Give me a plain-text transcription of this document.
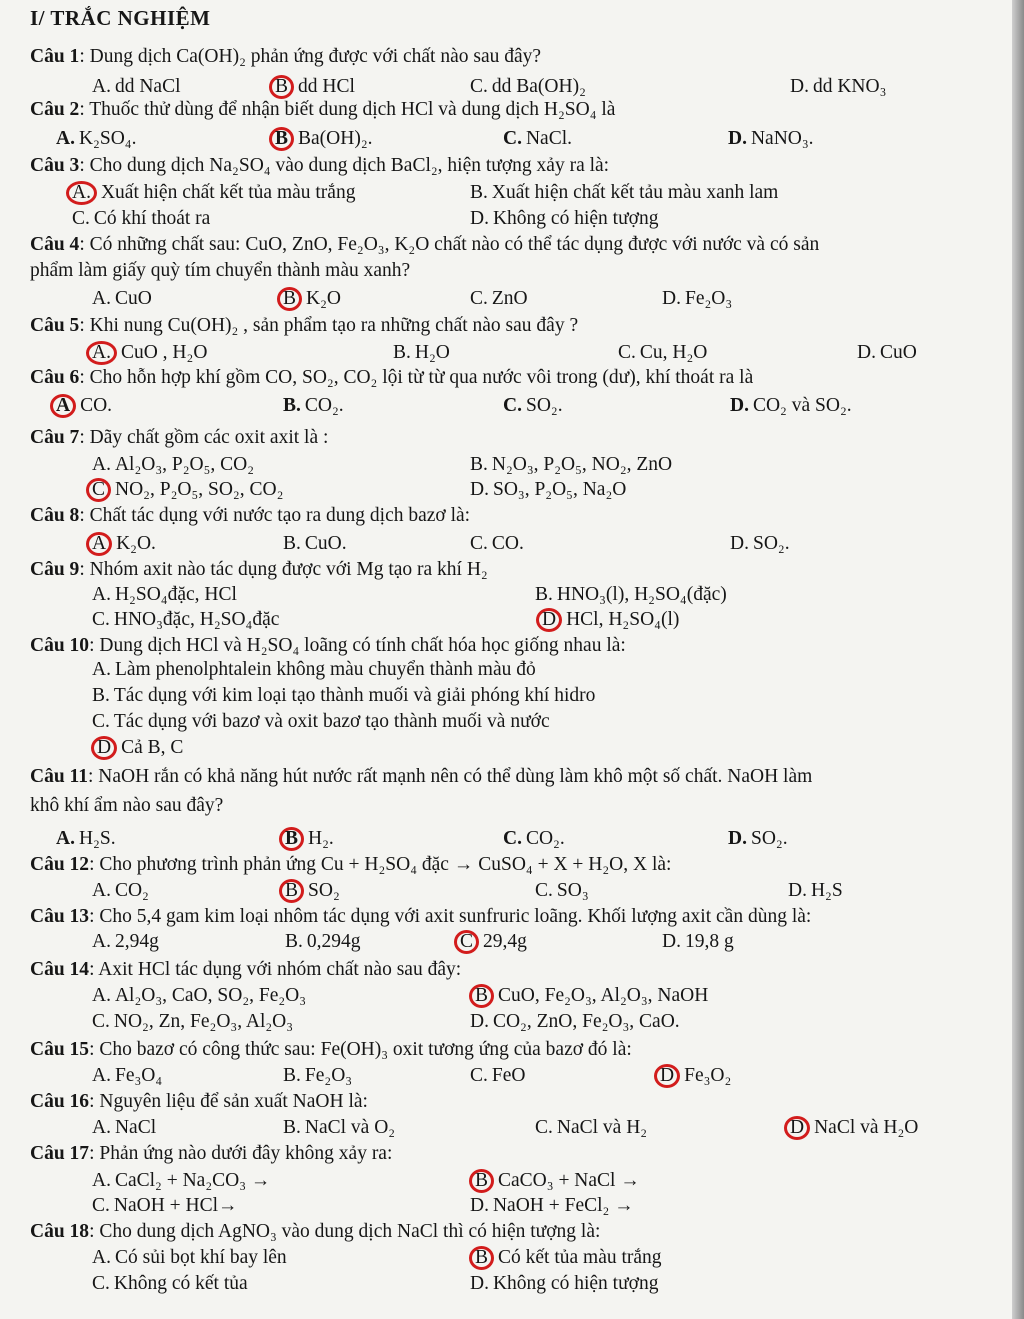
I/ TRẮC NGHIỆM
Câu 1: Dung dịch Ca(OH)₂ phản ứng được với chất nào sau đây?
A. dd NaCl	B dd HCl	C. dd Ba(OH)₂	D. dd KNO₃
Câu 2: Thuốc thử dùng để nhận biết dung dịch HCl và dung dịch H₂SO₄ là
A. K₂SO₄.	B Ba(OH)₂.	C. NaCl.	D. NaNO₃.
Câu 3: Cho dung dịch Na₂SO₄ vào dung dịch BaCl₂, hiện tượng xảy ra là:
A. Xuất hiện chất kết tủa màu trắng	B. Xuất hiện chất kết tảu màu xanh lam
C. Có khí thoát ra	D. Không có hiện tượng
Câu 4: Có những chất sau: CuO, ZnO, Fe₂O₃, K₂O chất nào có thể tác dụng được với nước và có sản
phẩm làm giấy quỳ tím chuyển thành màu xanh?
A. CuO	B K₂O	C. ZnO	D. Fe₂O₃
Câu 5: Khi nung Cu(OH)₂ , sản phẩm tạo ra những chất nào sau đây ?
A. CuO , H₂O	B. H₂O	C. Cu, H₂O	D. CuO
Câu 6: Cho hỗn hợp khí gồm CO, SO₂, CO₂ lội từ từ qua nước vôi trong (dư), khí thoát ra là
A CO.	B. CO₂.	C. SO₂.	D. CO₂ và SO₂.
Câu 7: Dãy chất gồm các oxit axit là :
A. Al₂O₃, P₂O₅, CO₂	B. N₂O₃, P₂O₅, NO₂, ZnO
C NO₂, P₂O₅, SO₂, CO₂	D. SO₃, P₂O₅, Na₂O
Câu 8: Chất tác dụng với nước tạo ra dung dịch bazơ là:
A K₂O.	B. CuO.	C. CO.	D. SO₂.
Câu 9: Nhóm axit nào tác dụng được với Mg tạo ra khí H₂
A. H₂SO₄đặc, HCl	B. HNO₃(l), H₂SO₄(đặc)
C. HNO₃đặc, H₂SO₄đặc	D HCl, H₂SO₄(l)
Câu 10: Dung dịch HCl và H₂SO₄ loãng có tính chất hóa học giống nhau là:
A. Làm phenolphtalein không màu chuyển thành màu đỏ
B. Tác dụng với kim loại tạo thành muối và giải phóng khí hidro
C. Tác dụng với bazơ và oxit bazơ tạo thành muối và nước
D Cả B, C
Câu 11: NaOH rắn có khả năng hút nước rất mạnh nên có thể dùng làm khô một số chất. NaOH làm
khô khí ẩm nào sau đây?
A. H₂S.	B H₂.	C. CO₂.	D. SO₂.
Câu 12: Cho phương trình phản ứng Cu + H₂SO₄ đặc → CuSO₄ + X + H₂O, X là:
A. CO₂	B SO₂	C. SO₃	D. H₂S
Câu 13: Cho 5,4 gam kim loại nhôm tác dụng với axit sunfruric loãng. Khối lượng axit cần dùng là:
A. 2,94g	B. 0,294g	C 29,4g	D. 19,8 g
Câu 14: Axit HCl tác dụng với nhóm chất nào sau đây:
A. Al₂O₃, CaO, SO₂, Fe₂O₃	B CuO, Fe₂O₃, Al₂O₃, NaOH
C. NO₂, Zn, Fe₂O₃, Al₂O₃	D. CO₂, ZnO, Fe₂O₃, CaO.
Câu 15: Cho bazơ có công thức sau: Fe(OH)₃ oxit tương ứng của bazơ đó là:
A. Fe₃O₄	B. Fe₂O₃	C. FeO	D Fe₃O₂
Câu 16: Nguyên liệu để sản xuất NaOH là:
A. NaCl	B. NaCl và O₂	C. NaCl và H₂	D NaCl và H₂O
Câu 17: Phản ứng nào dưới đây không xảy ra:
A. CaCl₂ + Na₂CO₃ →	B CaCO₃ + NaCl →
C. NaOH + HCl→	D. NaOH + FeCl₂ →
Câu 18: Cho dung dịch AgNO₃ vào dung dịch NaCl thì có hiện tượng là:
A. Có sủi bọt khí bay lên	B Có kết tủa màu trắng
C. Không có kết tủa	D. Không có hiện tượng
